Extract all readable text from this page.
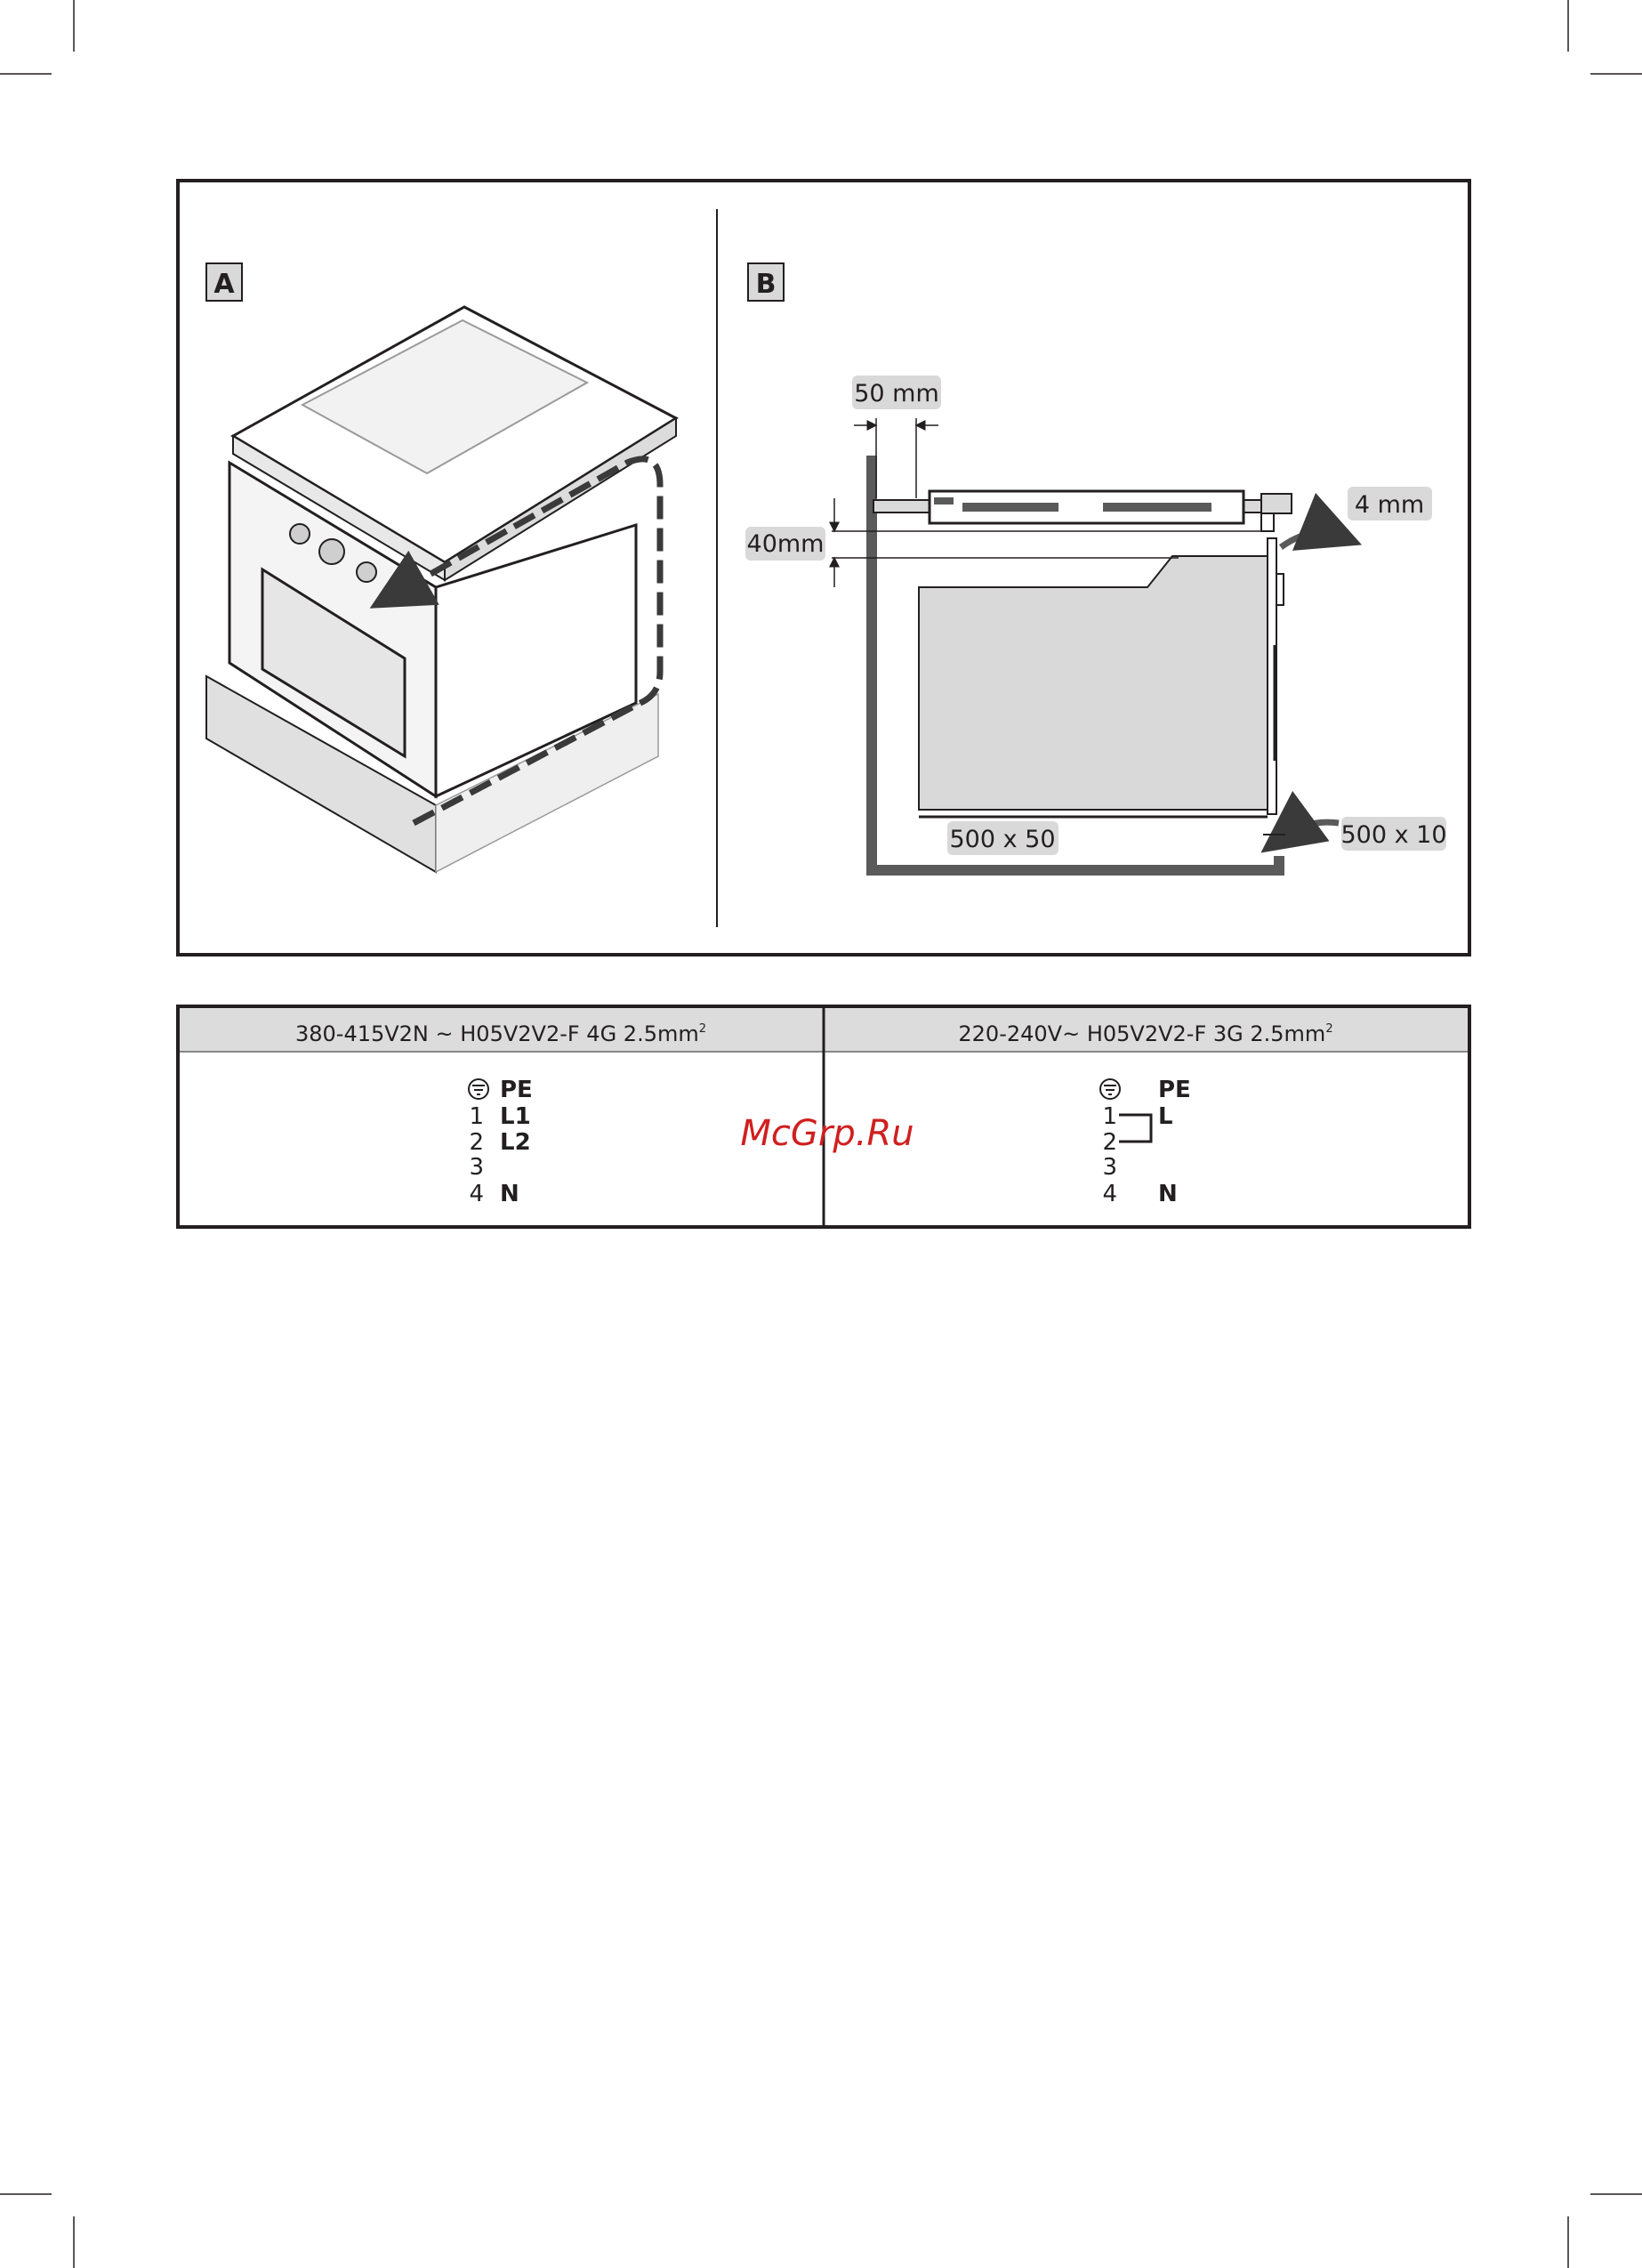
A	B
50 mm
40mm
4 mm
500 x 50	500 x 10
380-415V2N ~ H05V2V2-F 4G $2.5mm^2$	220-240V~ H05V2V2-F 3G $2.5mm^2$
PE
1 L1
2 L2
3
4 N
PE
1 L
2
3
4 N
McGrp.Ru
